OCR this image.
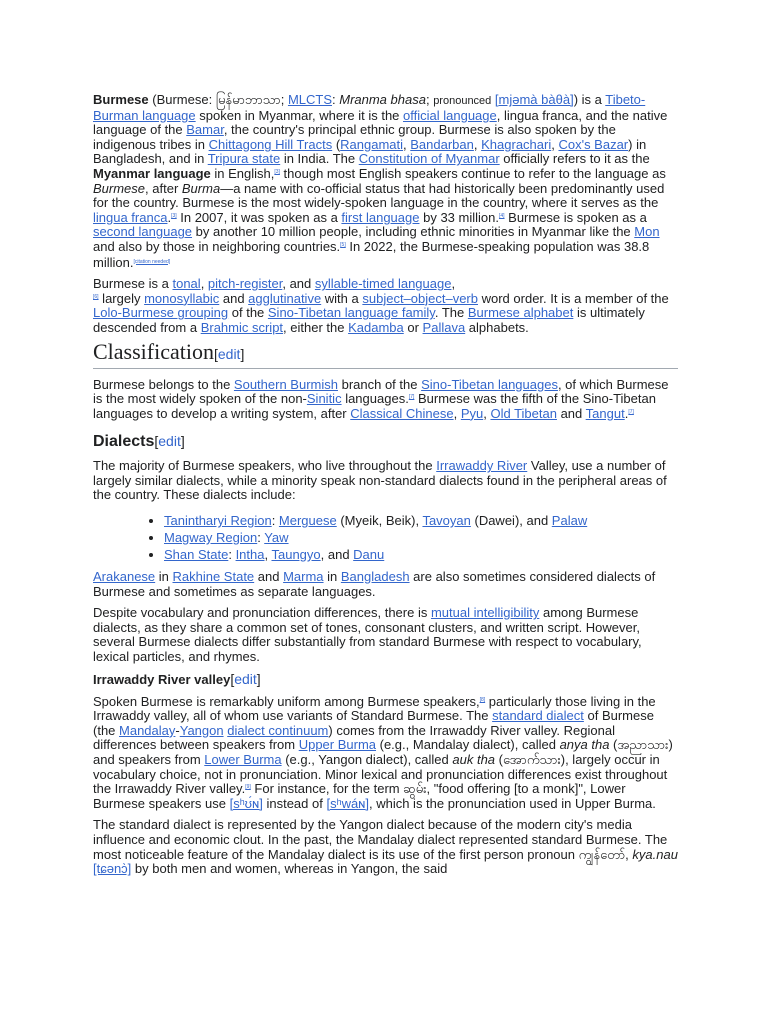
Burmese (Burmese: မြန်မာဘာသာ; MLCTS: Mranma bhasa; pronounced [mjəmà bàθà]) is a Tibeto-Burman language spoken in Myanmar, where it is the official language, lingua franca, and the native language of the Bamar, the country's principal ethnic group. Burmese is also spoken by the indigenous tribes in Chittagong Hill Tracts (Rangamati, Bandarban, Khagrachari, Cox's Bazar) in Bangladesh, and in Tripura state in India. The Constitution of Myanmar officially refers to it as the Myanmar language in English,[3] though most English speakers continue to refer to the language as Burmese, after Burma—a name with co-official status that had historically been predominantly used for the country. Burmese is the most widely-spoken language in the country, where it serves as the lingua franca.[3] In 2007, it was spoken as a first language by 33 million.[4] Burmese is spoken as a second language by another 10 million people, including ethnic minorities in Myanmar like the Mon and also by those in neighboring countries.[5] In 2022, the Burmese-speaking population was 38.8 million.[citation needed]

Burmese is a tonal, pitch-register, and syllable-timed language,
[6] largely monosyllabic and agglutinative with a subject–object–verb word order. It is a member of the Lolo-Burmese grouping of the Sino-Tibetan language family. The Burmese alphabet is ultimately descended from a Brahmic script, either the Kadamba or Pallava alphabets.

Classification[edit]

Burmese belongs to the Southern Burmish branch of the Sino-Tibetan languages, of which Burmese is the most widely spoken of the non-Sinitic languages.[7] Burmese was the fifth of the Sino-Tibetan languages to develop a writing system, after Classical Chinese, Pyu, Old Tibetan and Tangut.[7]

Dialects[edit]

The majority of Burmese speakers, who live throughout the Irrawaddy River Valley, use a number of largely similar dialects, while a minority speak non-standard dialects found in the peripheral areas of the country. These dialects include:

• Tanintharyi Region: Merguese (Myeik, Beik), Tavoyan (Dawei), and Palaw
• Magway Region: Yaw
• Shan State: Intha, Taungyo, and Danu

Arakanese in Rakhine State and Marma in Bangladesh are also sometimes considered dialects of Burmese and sometimes as separate languages.

Despite vocabulary and pronunciation differences, there is mutual intelligibility among Burmese dialects, as they share a common set of tones, consonant clusters, and written script. However, several Burmese dialects differ substantially from standard Burmese with respect to vocabulary, lexical particles, and rhymes.

Irrawaddy River valley[edit]

Spoken Burmese is remarkably uniform among Burmese speakers,[8] particularly those living in the Irrawaddy valley, all of whom use variants of Standard Burmese. The standard dialect of Burmese (the Mandalay-Yangon dialect continuum) comes from the Irrawaddy River valley. Regional differences between speakers from Upper Burma (e.g., Mandalay dialect), called anya tha (အညာသား) and speakers from Lower Burma (e.g., Yangon dialect), called auk tha (အောက်သား), largely occur in vocabulary choice, not in pronunciation. Minor lexical and pronunciation differences exist throughout the Irrawaddy River valley.[9] For instance, for the term ဆွမ်း, "food offering [to a monk]", Lower Burmese speakers use [sʰʊ́ɴ] instead of [sʰwáɴ], which is the pronunciation used in Upper Burma.

The standard dialect is represented by the Yangon dialect because of the modern city's media influence and economic clout. In the past, the Mandalay dialect represented standard Burmese. The most noticeable feature of the Mandalay dialect is its use of the first person pronoun ကျွန်တော်, kya.nau [tɕənɔ̀] by both men and women, whereas in Yangon, the said
